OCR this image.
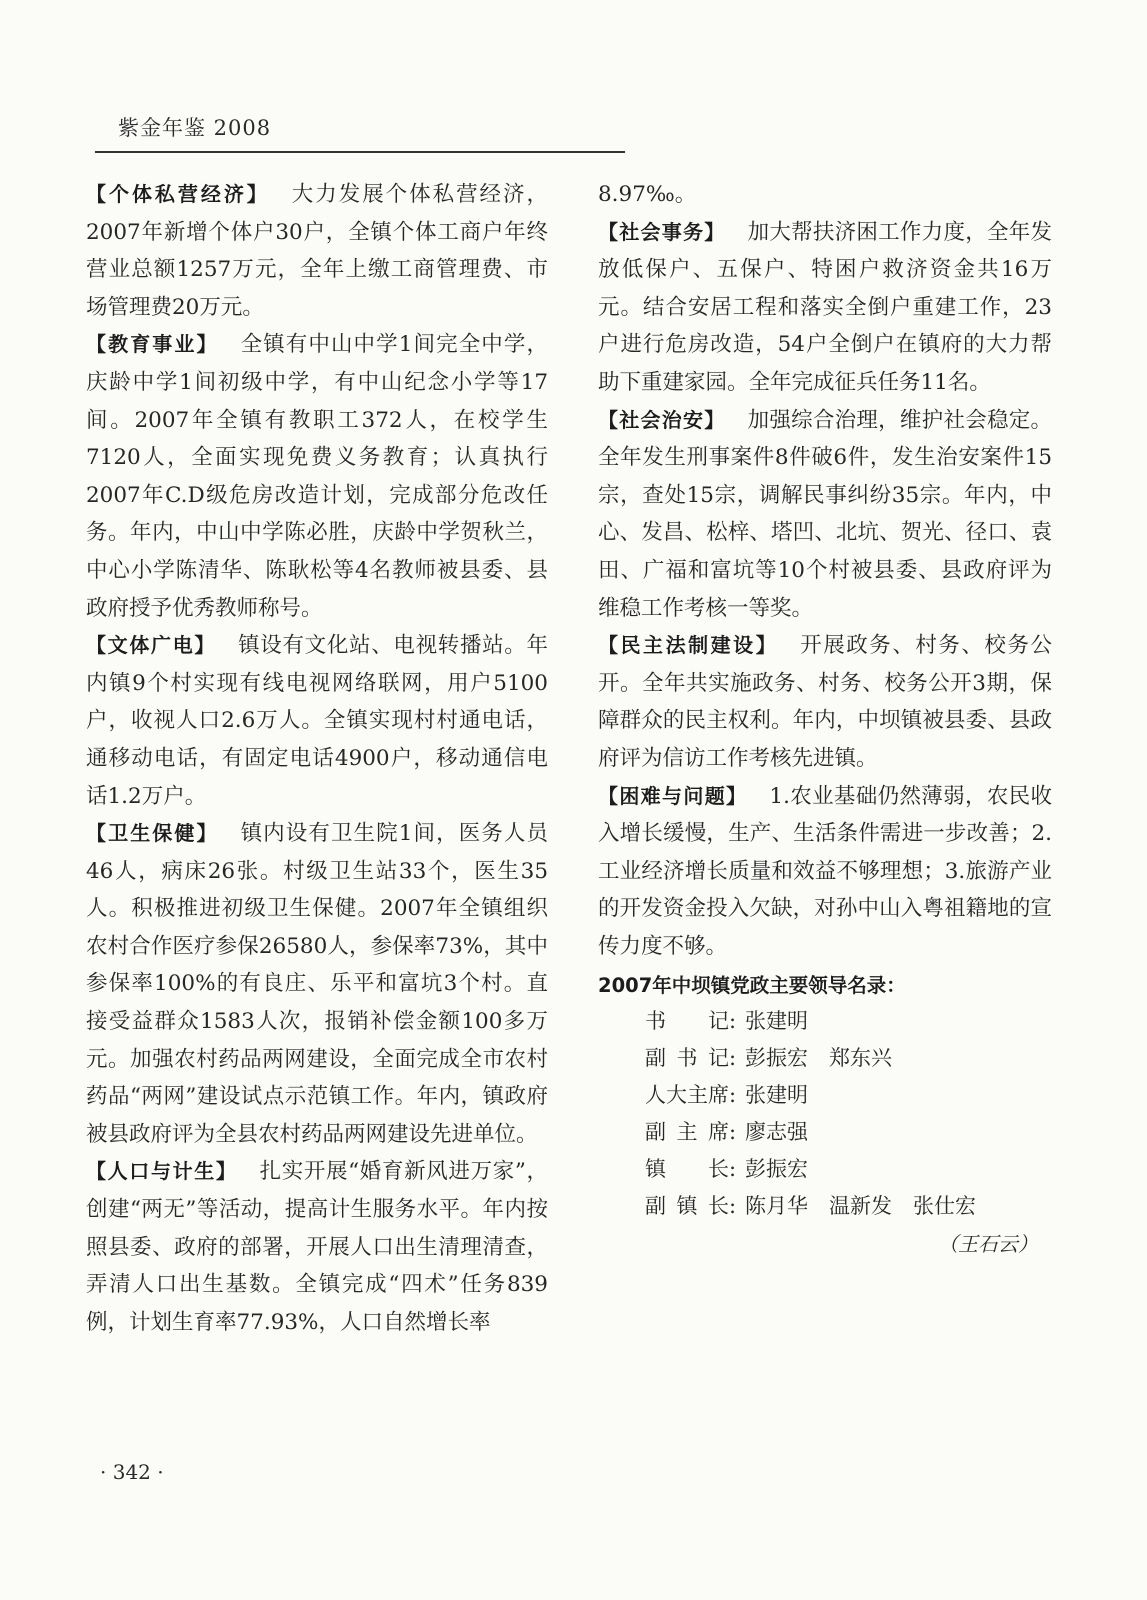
紫金年鉴 2008

【个体私营经济】 大力发展个体私营经济，2007年新增个体户30户，全镇个体工商户年终营业总额1257万元，全年上缴工商管理费、市场管理费20万元。

【教育事业】 全镇有中山中学1间完全中学，庆龄中学1间初级中学，有中山纪念小学等17间。2007年全镇有教职工372人，在校学生7120人，全面实现免费义务教育；认真执行2007年C.D级危房改造计划，完成部分危改任务。年内，中山中学陈必胜，庆龄中学贺秋兰，中心小学陈清华、陈耿松等4名教师被县委、县政府授予优秀教师称号。

【文体广电】 镇设有文化站、电视转播站。年内镇9个村实现有线电视网络联网，用户5100户，收视人口2.6万人。全镇实现村村通电话，通移动电话，有固定电话4900户，移动通信电话1.2万户。

【卫生保健】 镇内设有卫生院1间，医务人员46人，病床26张。村级卫生站33个，医生35人。积极推进初级卫生保健。2007年全镇组织农村合作医疗参保26580人，参保率73%，其中参保率100%的有良庄、乐平和富坑3个村。直接受益群众1583人次，报销补偿金额100多万元。加强农村药品两网建设，全面完成全市农村药品“两网”建设试点示范镇工作。年内，镇政府被县政府评为全县农村药品两网建设先进单位。

【人口与计生】 扎实开展“婚育新风进万家”，创建“两无”等活动，提高计生服务水平。年内按照县委、政府的部署，开展人口出生清理清查，弄清人口出生基数。全镇完成“四术”任务839例，计划生育率77.93%，人口自然增长率

8.97‰。

【社会事务】 加大帮扶济困工作力度，全年发放低保户、五保户、特困户救济资金共16万元。结合安居工程和落实全倒户重建工作，23户进行危房改造，54户全倒户在镇府的大力帮助下重建家园。全年完成征兵任务11名。

【社会治安】 加强综合治理，维护社会稳定。全年发生刑事案件8件破6件，发生治安案件15宗，查处15宗，调解民事纠纷35宗。年内，中心、发昌、松梓、塔凹、北坑、贺光、径口、袁田、广福和富坑等10个村被县委、县政府评为维稳工作考核一等奖。

【民主法制建设】 开展政务、村务、校务公开。全年共实施政务、村务、校务公开3期，保障群众的民主权利。年内，中坝镇被县委、县政府评为信访工作考核先进镇。

【困难与问题】 1.农业基础仍然薄弱，农民收入增长缓慢，生产、生活条件需进一步改善；2.工业经济增长质量和效益不够理想；3.旅游产业的开发资金投入欠缺，对孙中山入粤祖籍地的宣传力度不够。

2007年中坝镇党政主要领导名录：
书记 : 张建明
副书记 : 彭振宏　郑东兴
人大主席 : 张建明
副主席 : 廖志强
镇长 : 彭振宏
副镇长 : 陈月华　温新发　张仕宏
（王石云）
· 342 ·
